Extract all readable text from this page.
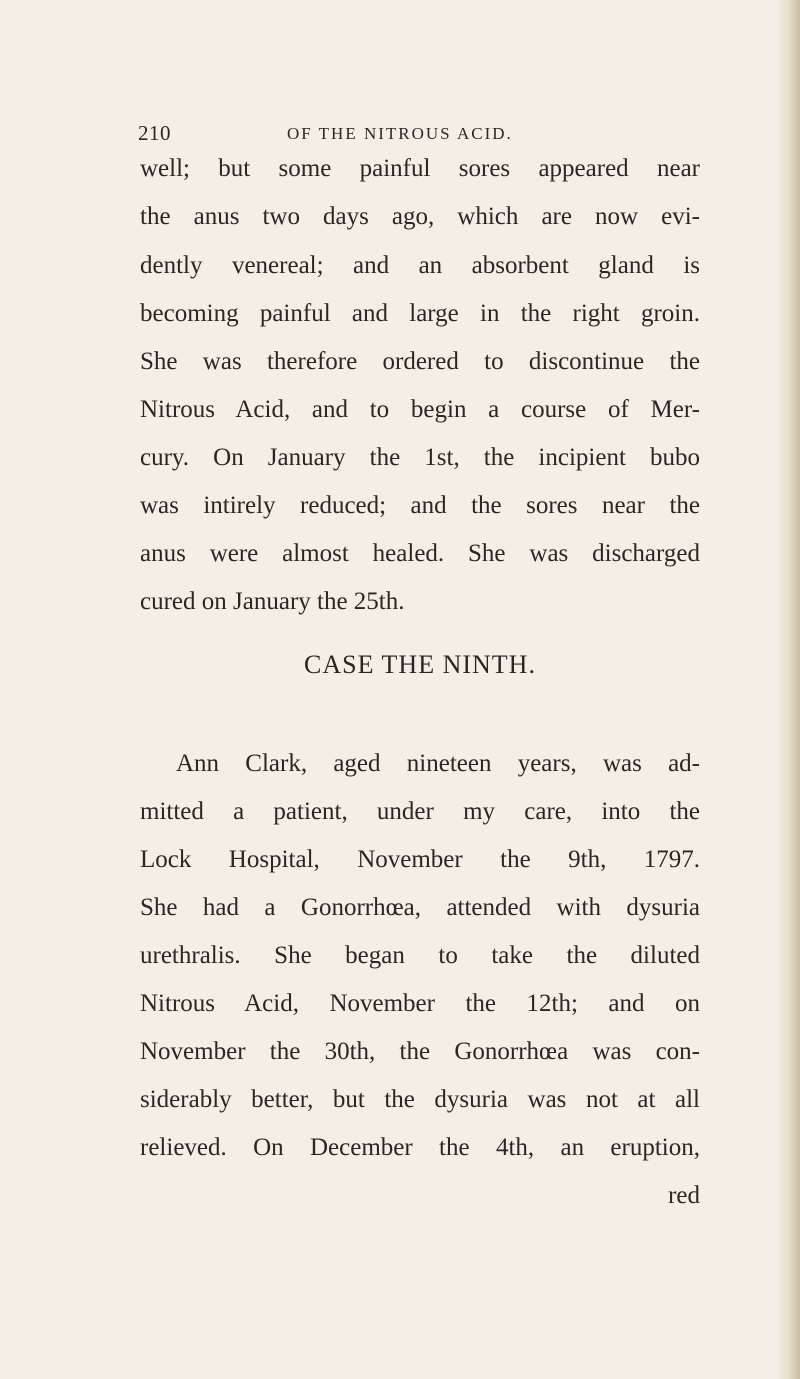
210	OF THE NITROUS ACID.
well; but some painful sores appeared near
the anus two days ago, which are now evi-
dently venereal; and an absorbent gland is
becoming painful and large in the right groin.
She was therefore ordered to discontinue the
Nitrous Acid, and to begin a course of Mer-
cury. On January the 1st, the incipient bubo
was intirely reduced; and the sores near the
anus were almost healed. She was discharged
cured on January the 25th.
CASE THE NINTH.
Ann Clark, aged nineteen years, was ad-
mitted a patient, under my care, into the
Lock Hospital, November the 9th, 1797.
She had a Gonorrhœa, attended with dysuria
urethralis. She began to take the diluted
Nitrous Acid, November the 12th; and on
November the 30th, the Gonorrhœa was con-
siderably better, but the dysuria was not at all
relieved. On December the 4th, an eruption,
red
